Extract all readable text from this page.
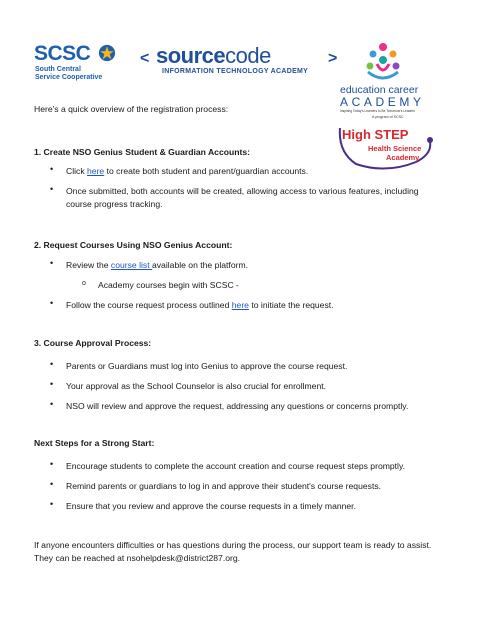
SCSC
South Central
Service Cooperative
< sourcecode	>
INFORMATION TECHNOLOGY ACADEMY
education career
ACADEMY
Inspiring Today's Learners to Be Tomorrow's Leaders
A program of SCSC
High STEP
Health Science
Academy
Here's a quick overview of the registration process:
1. Create NSO Genius Student & Guardian Accounts:
• Click here to create both student and parent/guardian accounts.
• Once submitted, both accounts will be created, allowing access to various features, including
course progress tracking.
2. Request Courses Using NSO Genius Account:
• Review the course list available on the platform.
o Academy courses begin with SCSC -
• Follow the course request process outlined here to initiate the request.
3. Course Approval Process:
• Parents or Guardians must log into Genius to approve the course request.
• Your approval as the School Counselor is also crucial for enrollment.
• NSO will review and approve the request, addressing any questions or concerns promptly.
Next Steps for a Strong Start:
• Encourage students to complete the account creation and course request steps promptly.
• Remind parents or guardians to log in and approve their student's course requests.
• Ensure that you review and approve the course requests in a timely manner.
If anyone encounters difficulties or has questions during the process, our support team is ready to assist.
They can be reached at nsohelpdesk@district287.org.
